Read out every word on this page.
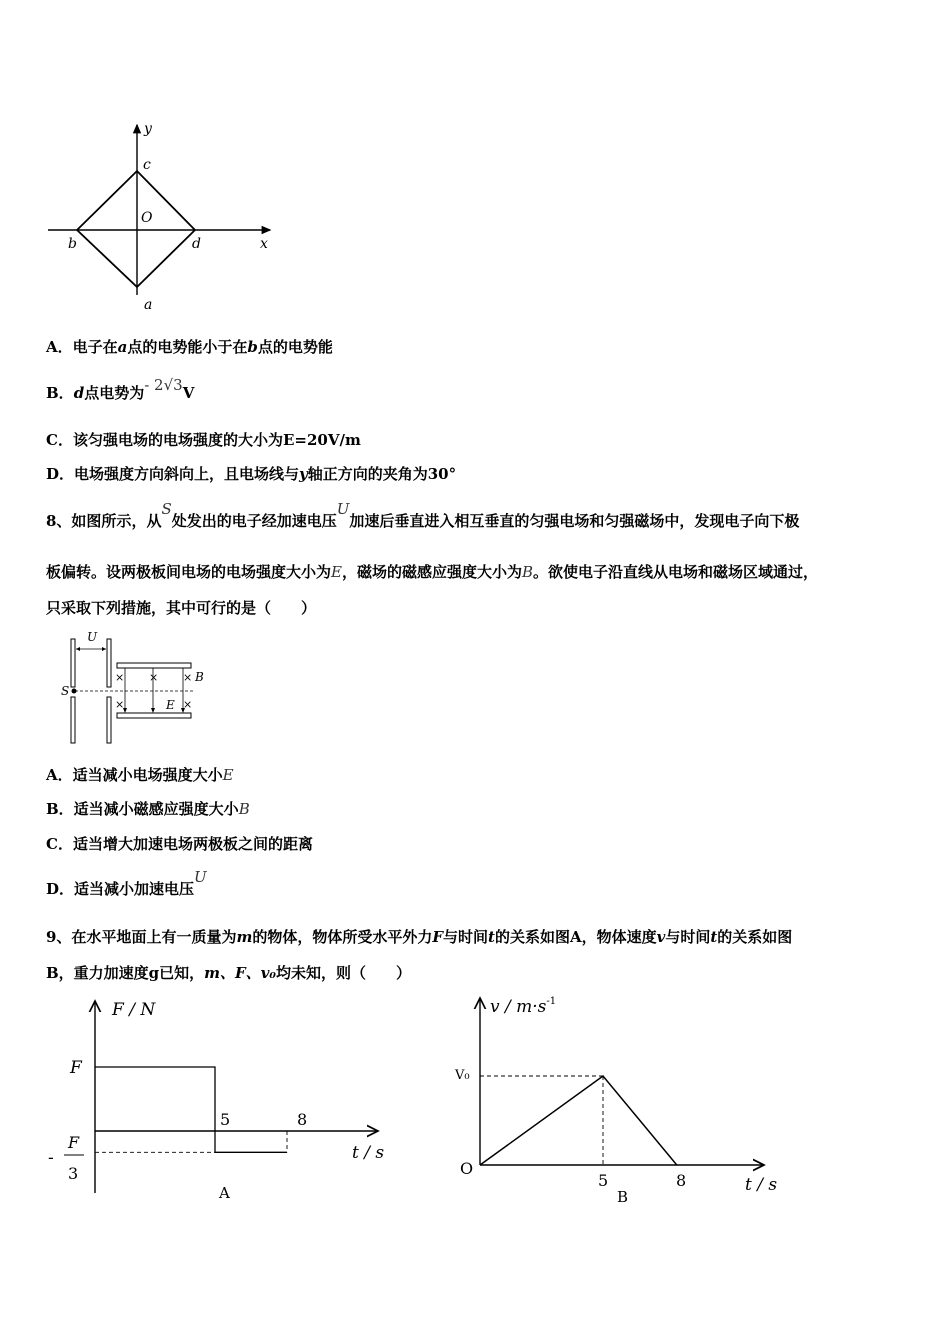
y
x
c
O
b	d
a
A．电子在a点的电势能小于在b点的电势能
B．d点电势为- 2√3V
C．该匀强电场的电场强度的大小为E=20V/m
D．电场强度方向斜向上，且电场线与y轴正方向的夹角为30°
8、如图所示，从S处发出的电子经加速电压U加速后垂直进入相互垂直的匀强电场和匀强磁场中，发现电子向下极
板偏转。设两极板间电场的电场强度大小为E，磁场的磁感应强度大小为B。欲使电子沿直线从电场和磁场区域通过，
只采取下列措施，其中可行的是（　　）
U
S
× × ×
×	×
B
E
A．适当减小电场强度大小E
B．适当减小磁感应强度大小B
C．适当增大加速电场两极板之间的距离
D．适当减小加速电压U
9、在水平地面上有一质量为m的物体，物体所受水平外力F与时间t的关系如图A，物体速度v与时间t的关系如图
B，重力加速度g已知，m、F、v₀均未知，则（　　）
F / N
t / s
F
-
F
3
5	8
A
$v / m\cdot s^{-1}$
O
V₀
5	8	t / s
B
